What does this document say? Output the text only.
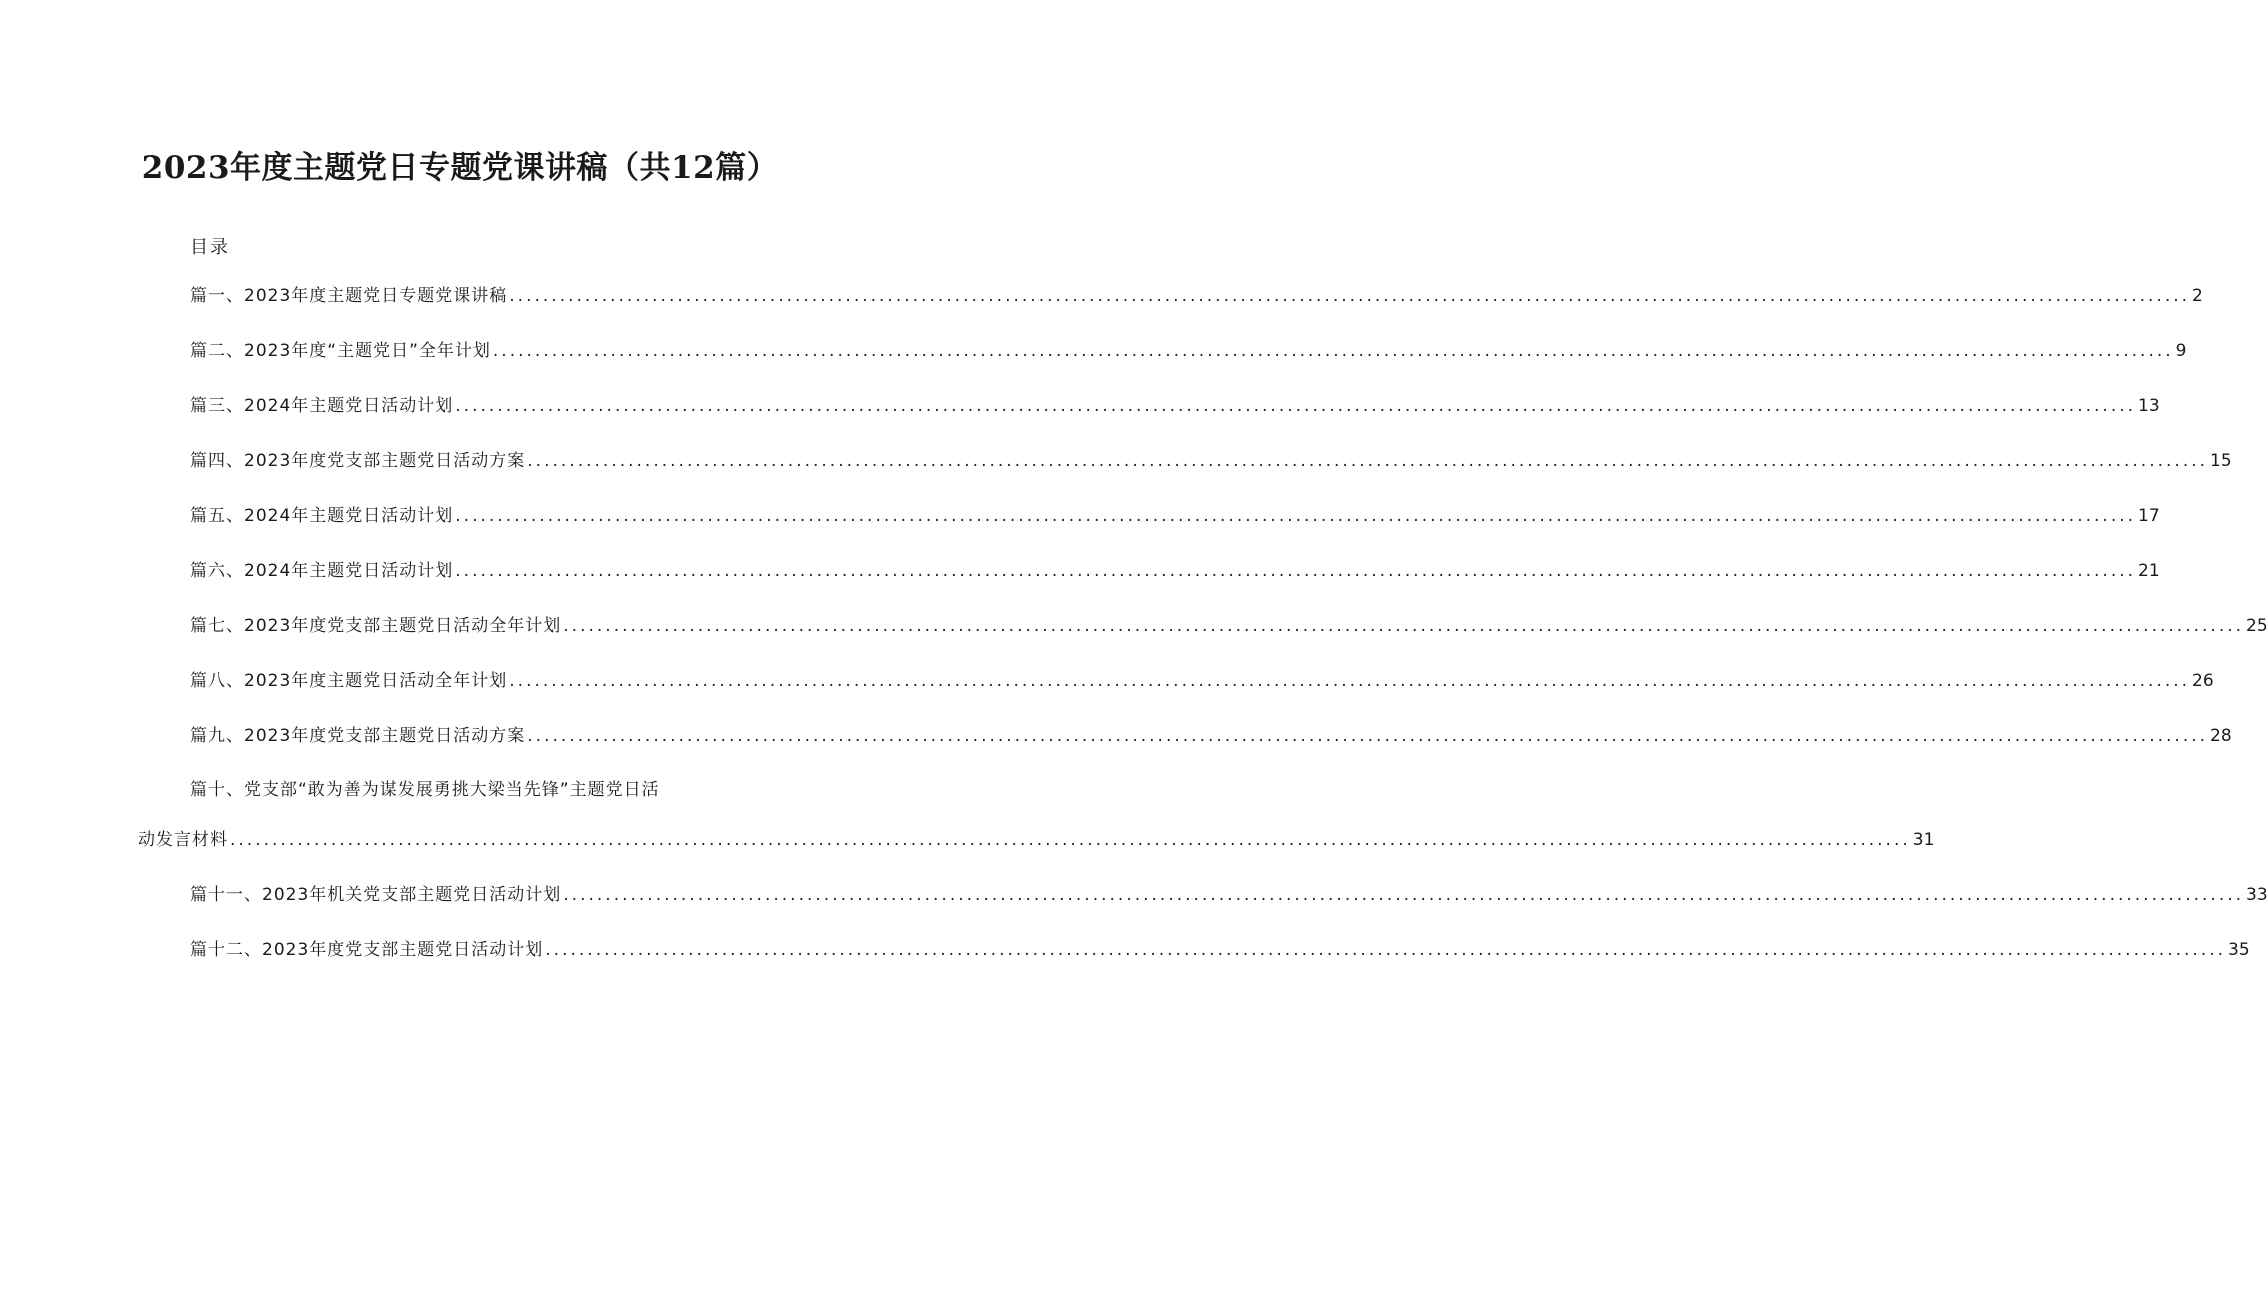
2023年度主题党日专题党课讲稿（共12篇）
目录
篇一、2023年度主题党日专题党课讲稿 ........................................................................................................................................................................................................ 2
篇二、2023年度“主题党日”全年计划 ........................................................................................................................................................................................................ 9
篇三、2024年主题党日活动计划 ........................................................................................................................................................................................................ 13
篇四、2023年度党支部主题党日活动方案 ........................................................................................................................................................................................................ 15
篇五、2024年主题党日活动计划 ........................................................................................................................................................................................................ 17
篇六、2024年主题党日活动计划 ........................................................................................................................................................................................................ 21
篇七、2023年度党支部主题党日活动全年计划 ........................................................................................................................................................................................................ 25
篇八、2023年度主题党日活动全年计划 ........................................................................................................................................................................................................ 26
篇九、2023年度党支部主题党日活动方案 ........................................................................................................................................................................................................ 28
篇十、党支部“敢为善为谋发展勇挑大梁当先锋”主题党日活
动发言材料 ........................................................................................................................................................................................................ 31
篇十一、2023年机关党支部主题党日活动计划 ........................................................................................................................................................................................................ 33
篇十二、2023年度党支部主题党日活动计划 ........................................................................................................................................................................................................ 35
